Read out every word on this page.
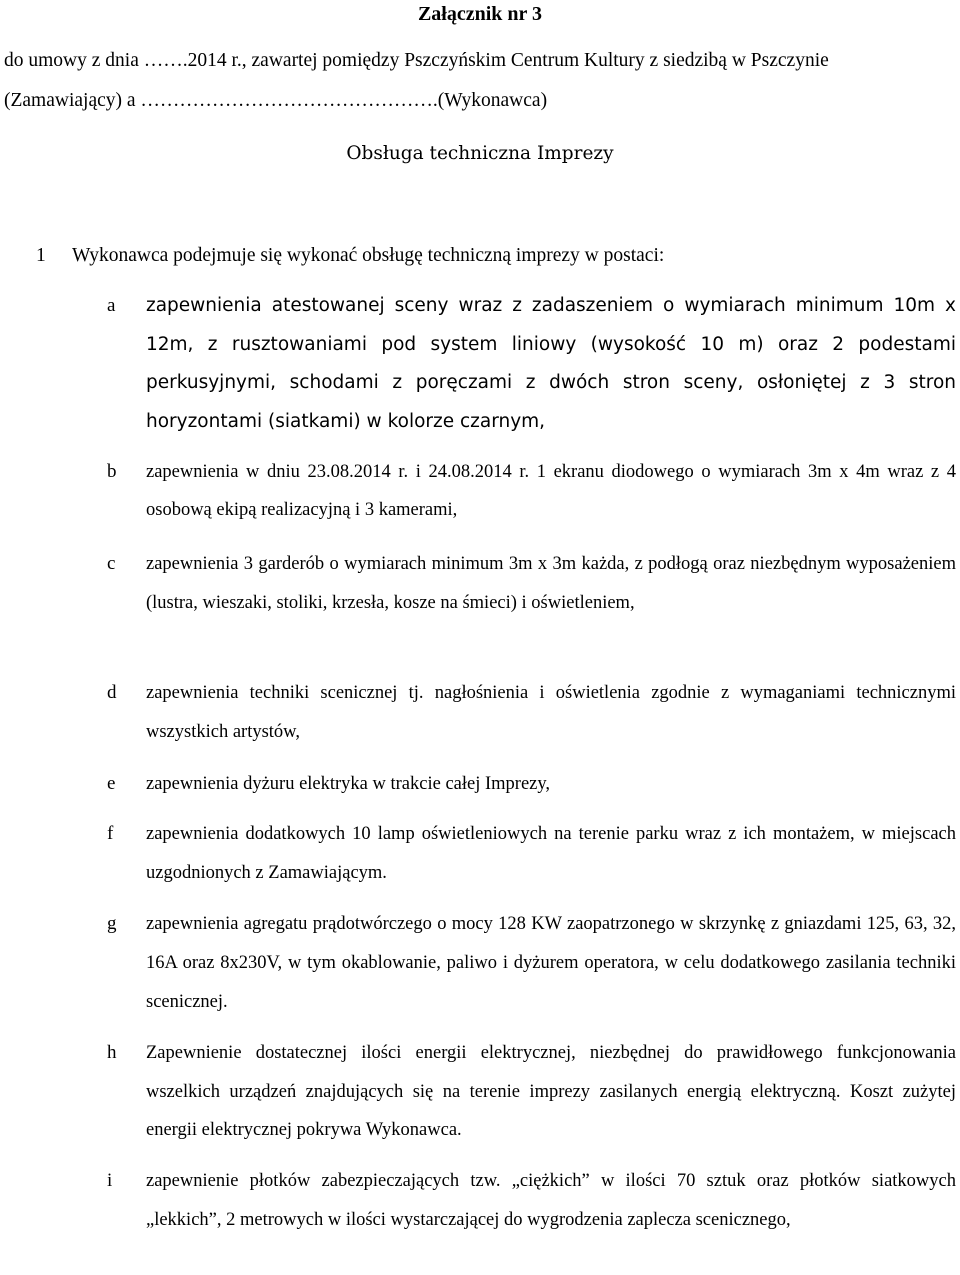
Załącznik nr 3
do umowy z dnia …….2014 r., zawartej pomiędzy Pszczyńskim Centrum Kultury z siedzibą w Pszczynie
(Zamawiający) a ……………………………………….(Wykonawca)
Obsługa techniczna Imprezy
1 Wykonawca podejmuje się wykonać obsługę techniczną imprezy w postaci:
a zapewnienia atestowanej sceny wraz z zadaszeniem o wymiarach minimum 10m x 12m, z rusztowaniami pod system liniowy (wysokość 10 m) oraz 2 podestami perkusyjnymi, schodami z poręczami z dwóch stron sceny, osłoniętej z 3 stron horyzontami (siatkami) w kolorze czarnym,
b zapewnienia w dniu 23.08.2014 r. i 24.08.2014 r. 1 ekranu diodowego o wymiarach 3m x 4m wraz z 4 osobową ekipą realizacyjną i 3 kamerami,
c zapewnienia 3 garderób o wymiarach minimum 3m x 3m każda, z podłogą oraz niezbędnym wyposażeniem (lustra, wieszaki, stoliki, krzesła, kosze na śmieci) i oświetleniem,
d zapewnienia techniki scenicznej tj. nagłośnienia i oświetlenia zgodnie z wymaganiami technicznymi wszystkich artystów,
e zapewnienia dyżuru elektryka w trakcie całej Imprezy,
f zapewnienia dodatkowych 10 lamp oświetleniowych na terenie parku wraz z ich montażem, w miejscach uzgodnionych z Zamawiającym.
g zapewnienia agregatu prądotwórczego o mocy 128 KW zaopatrzonego w skrzynkę z gniazdami 125, 63, 32, 16A oraz 8x230V, w tym okablowanie, paliwo i dyżurem operatora, w celu dodatkowego zasilania techniki scenicznej.
h Zapewnienie dostatecznej ilości energii elektrycznej, niezbędnej do prawidłowego funkcjonowania wszelkich urządzeń znajdujących się na terenie imprezy zasilanych energią elektryczną. Koszt zużytej energii elektrycznej pokrywa Wykonawca.
i zapewnienie płotków zabezpieczających tzw. „ciężkich” w ilości 70 sztuk oraz płotków siatkowych „lekkich”, 2 metrowych w ilości wystarczającej do wygrodzenia zaplecza scenicznego,
